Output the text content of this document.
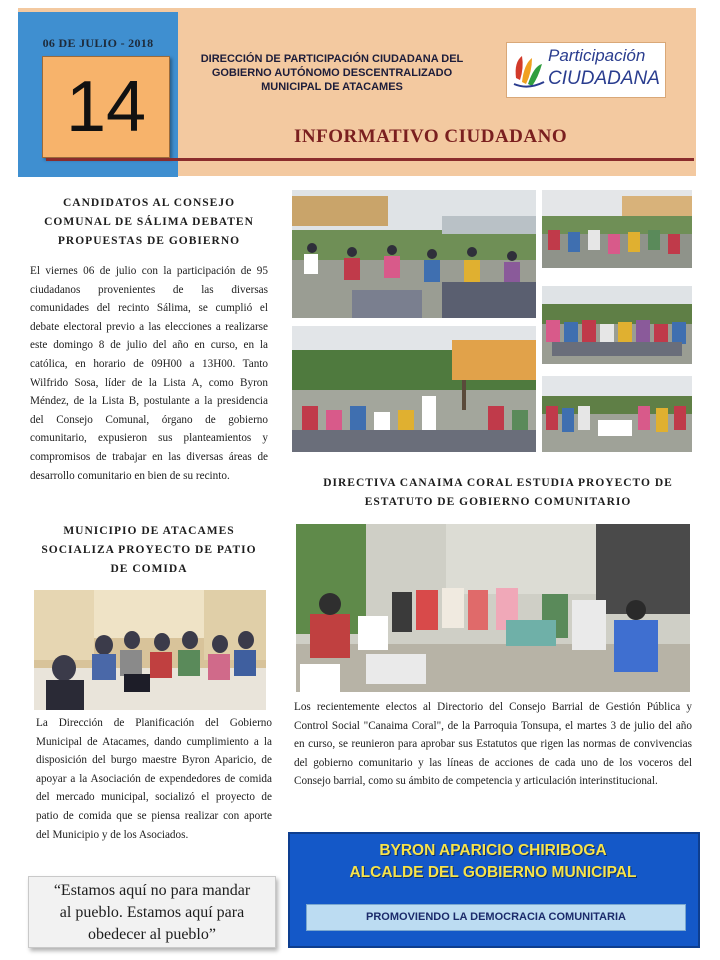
06 DE JULIO - 2018
14
DIRECCIÓN DE PARTICIPACIÓN CIUDADANA DEL
GOBIERNO AUTÓNOMO DESCENTRALIZADO
MUNICIPAL DE ATACAMES
Participación
CIUDADANA
INFORMATIVO CIUDADANO
CANDIDATOS AL CONSEJO
COMUNAL DE SÁLIMA DEBATEN
PROPUESTAS DE GOBIERNO
El viernes 06 de julio con la participación de 95 ciudadanos provenientes de las diversas comunidades del recinto Sálima, se cumplió el debate electoral previo a las elecciones a realizarse este domingo 8 de julio del año en curso, en la católica, en horario de 09H00 a 13H00. Tanto Wilfrido Sosa, líder de la Lista A, como Byron Méndez, de la Lista B, postulante a la presidencia del Consejo Comunal, órgano de gobierno comunitario, expusieron sus planteamientos y compromisos de trabajar en las diversas áreas de desarrollo comunitario en bien de su recinto.
MUNICIPIO DE ATACAMES
SOCIALIZA PROYECTO DE PATIO
DE COMIDA
La Dirección de Planificación del Gobierno Municipal de Atacames, dando cumplimiento a la disposición del burgo maestre Byron Aparicio, de apoyar a la Asociación de expendedores de comida del mercado municipal, socializó el proyecto de patio de comida que se piensa realizar con aporte del Municipio y de los Asociados.
“Estamos aquí no para mandar
al pueblo. Estamos aquí para
obedecer al pueblo”
DIRECTIVA CANAIMA CORAL ESTUDIA PROYECTO DE
ESTATUTO DE GOBIERNO COMUNITARIO
Los recientemente electos al Directorio del Consejo Barrial de Gestión Pública y Control Social "Canaima Coral", de la Parroquia Tonsupa, el martes 3 de julio del año en curso, se reunieron para aprobar sus Estatutos que rigen las normas de convivencias del gobierno comunitario y las líneas de acciones de cada uno de los voceros del Consejo barrial, como su ámbito de competencia y articulación interinstitucional.
BYRON APARICIO CHIRIBOGA
ALCALDE DEL GOBIERNO MUNICIPAL
PROMOVIENDO LA DEMOCRACIA COMUNITARIA
